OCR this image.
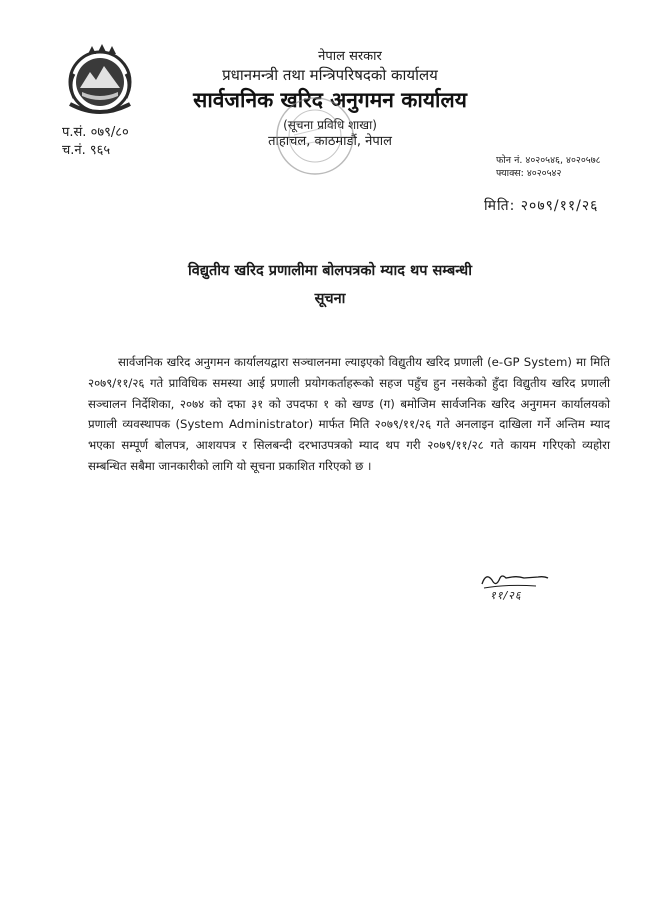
नेपाल सरकार
प्रधानमन्त्री तथा मन्त्रिपरिषदको कार्यालय
सार्वजनिक खरिद अनुगमन कार्यालय
(सूचना प्रविधि शाखा)
ताहाचल, काठमाडौं, नेपाल
प.सं. ०७९/८०
च.नं. ९६५
फोन नं. ४०२०५४६, ४०२०५७८
फ्याक्स: ४०२०५४२
मिति: २०७९/११/२६
विद्युतीय खरिद प्रणालीमा बोलपत्रको म्याद थप सम्बन्धी
सूचना
सार्वजनिक खरिद अनुगमन कार्यालयद्वारा सञ्चालनमा ल्याइएको विद्युतीय खरिद प्रणाली (e-GP System) मा मिति २०७९/११/२६ गते प्राविधिक समस्या आई प्रणाली प्रयोगकर्ताहरूको सहज पहुँच हुन नसकेको हुँदा विद्युतीय खरिद प्रणाली सञ्चालन निर्देशिका, २०७४ को दफा ३१ को उपदफा १ को खण्ड (ग) बमोजिम सार्वजनिक खरिद अनुगमन कार्यालयको प्रणाली व्यवस्थापक (System Administrator) मार्फत मिति २०७९/११/२६ गते अनलाइन दाखिला गर्ने अन्तिम म्याद भएका सम्पूर्ण बोलपत्र, आशयपत्र र सिलबन्दी दरभाउपत्रको म्याद थप गरी २०७९/११/२८ गते कायम गरिएको व्यहोरा सम्बन्धित सबैमा जानकारीको लागि यो सूचना प्रकाशित गरिएको छ ।
११/२६
